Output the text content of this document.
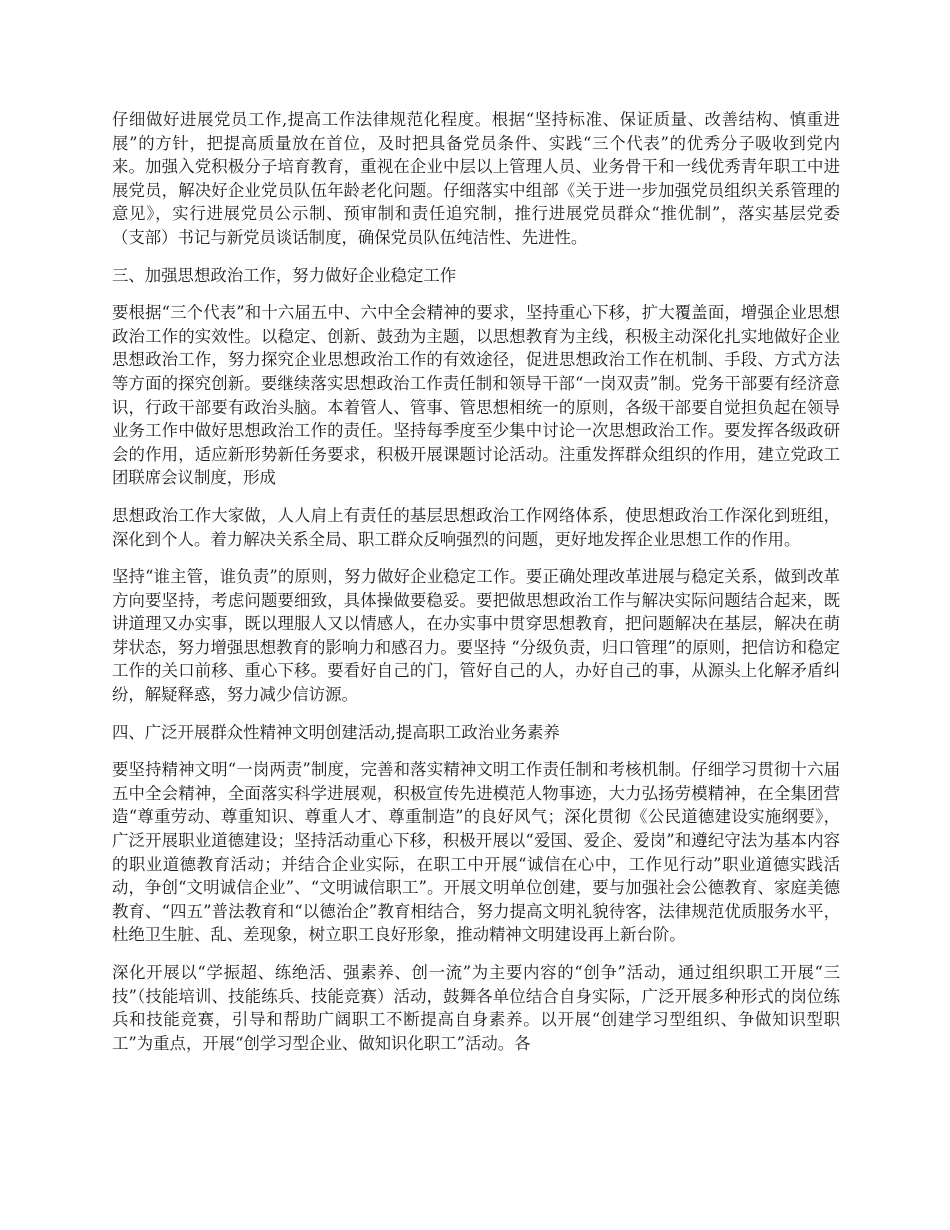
仔细做好进展党员工作,提高工作法律规范化程度。根据“坚持标准、保证质量、改善结构、慎重进展”的方针，把提高质量放在首位，及时把具备党员条件、实践“三个代表”的优秀分子吸收到党内来。加强入党积极分子培育教育，重视在企业中层以上管理人员、业务骨干和一线优秀青年职工中进展党员，解决好企业党员队伍年龄老化问题。仔细落实中组部《关于进一步加强党员组织关系管理的意见》，实行进展党员公示制、预审制和责任追究制，推行进展党员群众“推优制”，落实基层党委（支部）书记与新党员谈话制度，确保党员队伍纯洁性、先进性。

三、加强思想政治工作，努力做好企业稳定工作

要根据“三个代表”和十六届五中、六中全会精神的要求，坚持重心下移，扩大覆盖面，增强企业思想政治工作的实效性。以稳定、创新、鼓劲为主题，以思想教育为主线，积极主动深化扎实地做好企业思想政治工作，努力探究企业思想政治工作的有效途径，促进思想政治工作在机制、手段、方式方法等方面的探究创新。要继续落实思想政治工作责任制和领导干部“一岗双责”制。党务干部要有经济意识，行政干部要有政治头脑。本着管人、管事、管思想相统一的原则，各级干部要自觉担负起在领导业务工作中做好思想政治工作的责任。坚持每季度至少集中讨论一次思想政治工作。要发挥各级政研会的作用，适应新形势新任务要求，积极开展课题讨论活动。注重发挥群众组织的作用，建立党政工团联席会议制度，形成

思想政治工作大家做，人人肩上有责任的基层思想政治工作网络体系，使思想政治工作深化到班组，深化到个人。着力解决关系全局、职工群众反响强烈的问题，更好地发挥企业思想工作的作用。

坚持“谁主管，谁负责”的原则，努力做好企业稳定工作。要正确处理改革进展与稳定关系，做到改革方向要坚持，考虑问题要细致，具体操做要稳妥。要把做思想政治工作与解决实际问题结合起来，既讲道理又办实事，既以理服人又以情感人，在办实事中贯穿思想教育，把问题解决在基层，解决在萌芽状态，努力增强思想教育的影响力和感召力。要坚持 “分级负责，归口管理”的原则，把信访和稳定工作的关口前移、重心下移。要看好自己的门，管好自己的人，办好自己的事，从源头上化解矛盾纠纷，解疑释惑，努力减少信访源。

四、广泛开展群众性精神文明创建活动,提高职工政治业务素养

要坚持精神文明“一岗两责”制度，完善和落实精神文明工作责任制和考核机制。仔细学习贯彻十六届五中全会精神，全面落实科学进展观，积极宣传先进模范人物事迹，大力弘扬劳模精神，在全集团营造“尊重劳动、尊重知识、尊重人才、尊重制造”的良好风气；深化贯彻《公民道德建设实施纲要》，广泛开展职业道德建设；坚持活动重心下移，积极开展以“爱国、爱企、爱岗”和遵纪守法为基本内容的职业道德教育活动；并结合企业实际，在职工中开展“诚信在心中，工作见行动”职业道德实践活动，争创“文明诚信企业”、“文明诚信职工”。开展文明单位创建，要与加强社会公德教育、家庭美德教育、“四五”普法教育和“以德治企”教育相结合，努力提高文明礼貌待客，法律规范优质服务水平，杜绝卫生脏、乱、差现象，树立职工良好形象，推动精神文明建设再上新台阶。

深化开展以“学振超、练绝活、强素养、创一流”为主要内容的“创争”活动，通过组织职工开展“三技”（技能培训、技能练兵、技能竞赛）活动，鼓舞各单位结合自身实际，广泛开展多种形式的岗位练兵和技能竞赛，引导和帮助广阔职工不断提高自身素养。以开展“创建学习型组织、争做知识型职工”为重点，开展“创学习型企业、做知识化职工”活动。各
